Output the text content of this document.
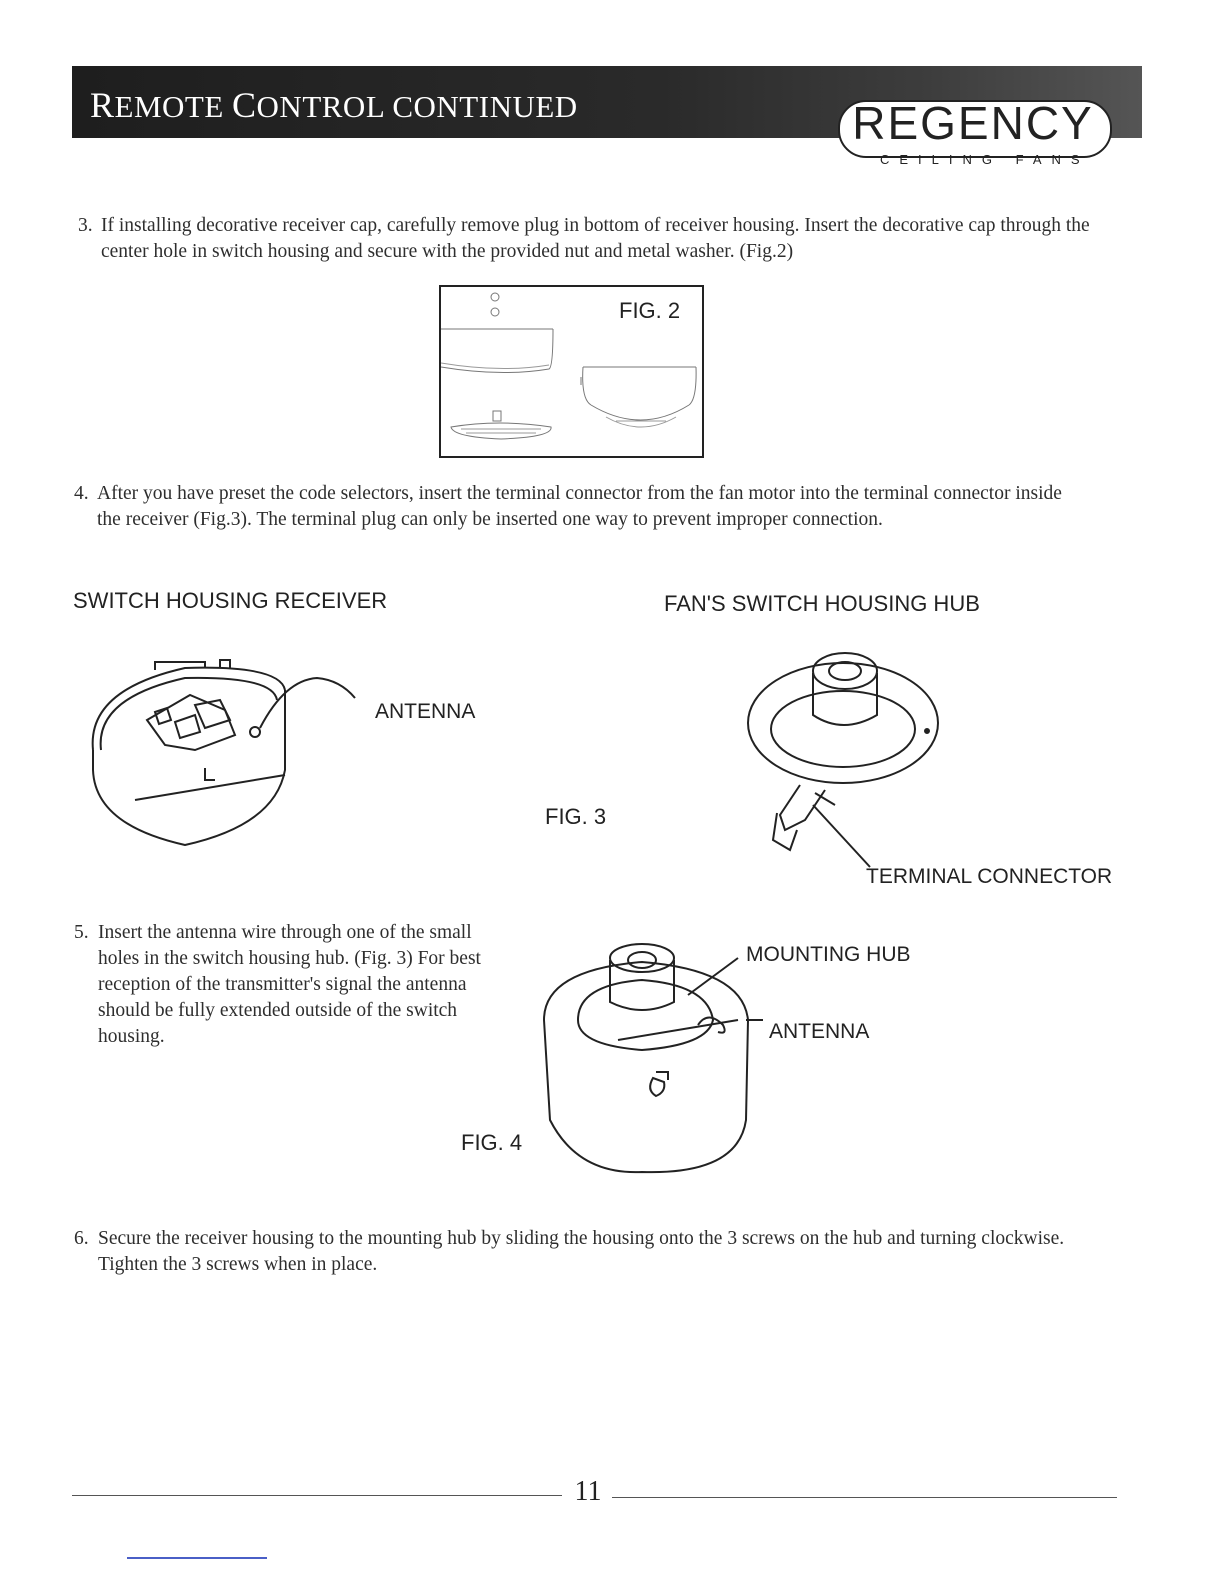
REMOTE CONTROL CONTINUED	REGENCY
CEILING FANS
3. If installing decorative receiver cap, carefully remove plug in bottom of receiver housing. Insert the decorative cap through the center hole in switch housing and secure with the provided nut and metal washer. (Fig.2)
FIG. 2
4. After you have preset the code selectors, insert the terminal connector from the fan motor into the terminal connector inside the receiver (Fig.3). The terminal plug can only be inserted one way to prevent improper connection.
SWITCH HOUSING RECEIVER	FAN'S SWITCH HOUSING HUB
ANTENNA
FIG. 3
TERMINAL CONNECTOR
5. Insert the antenna wire through one of the small holes in the switch housing hub. (Fig. 3) For best reception of the transmitter's signal the antenna should be fully extended outside of the switch housing.
MOUNTING HUB
ANTENNA
FIG. 4
6. Secure the receiver housing to the mounting hub by sliding the housing onto the 3 screws on the hub and turning clockwise. Tighten the 3 screws when in place.
11
